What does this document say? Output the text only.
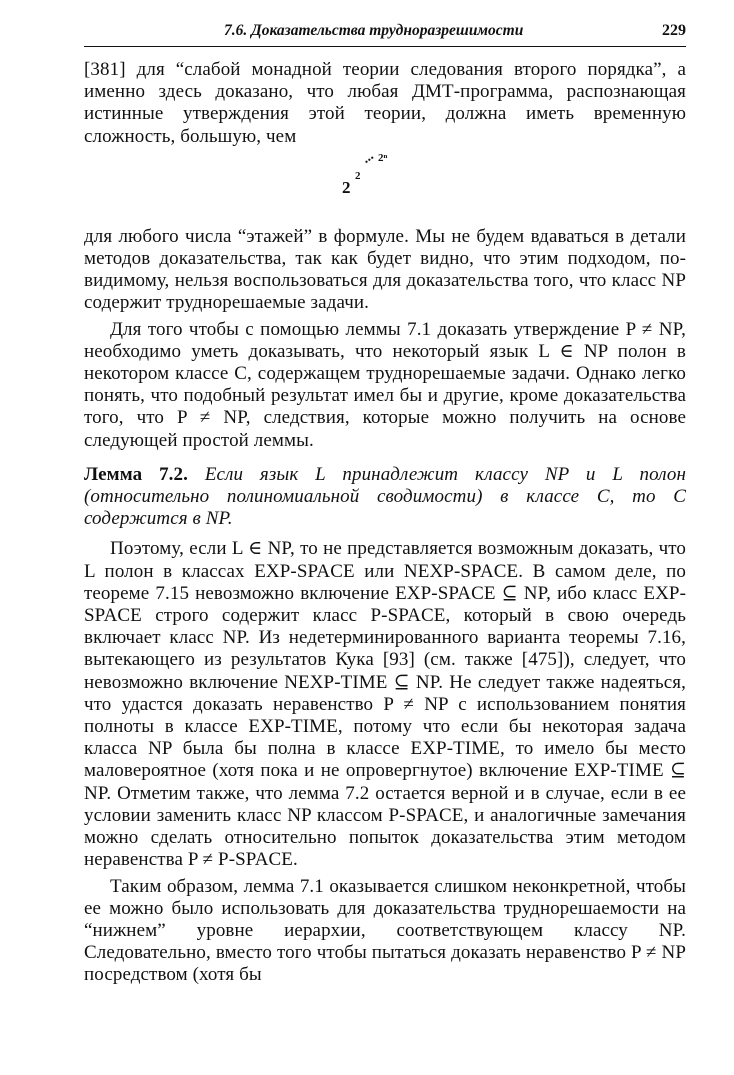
7.6. Доказательства трудноразрешимости	229

[381] для “слабой монадной теории следования второго порядка”, а именно здесь доказано, что любая ДМТ-программа, распознающая истинные утверждения этой теории, должна иметь временную сложность, большую, чем

2
2
... 2ⁿ

для любого числа “этажей” в формуле. Мы не будем вдаваться в детали методов доказательства, так как будет видно, что этим подходом, по-видимому, нельзя воспользоваться для доказательства того, что класс NP содержит труднорешаемые задачи.

Для того чтобы с помощью леммы 7.1 доказать утверждение P ≠ NP, необходимо уметь доказывать, что некоторый язык L ∈ NP полон в некотором классе C, содержащем труднорешаемые задачи. Однако легко понять, что подобный результат имел бы и другие, кроме доказательства того, что P ≠ NP, следствия, которые можно получить на основе следующей простой леммы.

Лемма 7.2. Если язык L принадлежит классу NP и L полон (относительно полиномиальной сводимости) в классе C, то C содержится в NP.

Поэтому, если L ∈ NP, то не представляется возможным доказать, что L полон в классах EXP-SPACE или NEXP-SPACE. В самом деле, по теореме 7.15 невозможно включение EXP-SPACE ⊆ NP, ибо класс EXP-SPACE строго содержит класс P-SPACE, который в свою очередь включает класс NP. Из недетерминированного варианта теоремы 7.16, вытекающего из результатов Кука [93] (см. также [475]), следует, что невозможно включение NEXP-TIME ⊆ NP. Не следует также надеяться, что удастся доказать неравенство P ≠ NP с использованием понятия полноты в классе EXP-TIME, потому что если бы некоторая задача класса NP была бы полна в классе EXP-TIME, то имело бы место маловероятное (хотя пока и не опровергнутое) включение EXP-TIME ⊆ NP. Отметим также, что лемма 7.2 остается верной и в случае, если в ее условии заменить класс NP классом P-SPACE, и аналогичные замечания можно сделать относительно попыток доказательства этим методом неравенства P ≠ P-SPACE.

Таким образом, лемма 7.1 оказывается слишком неконкретной, чтобы ее можно было использовать для доказательства труднорешаемости на “нижнем” уровне иерархии, соответствующем классу NP. Следовательно, вместо того чтобы пытаться доказать неравенство P ≠ NP посредством (хотя бы
